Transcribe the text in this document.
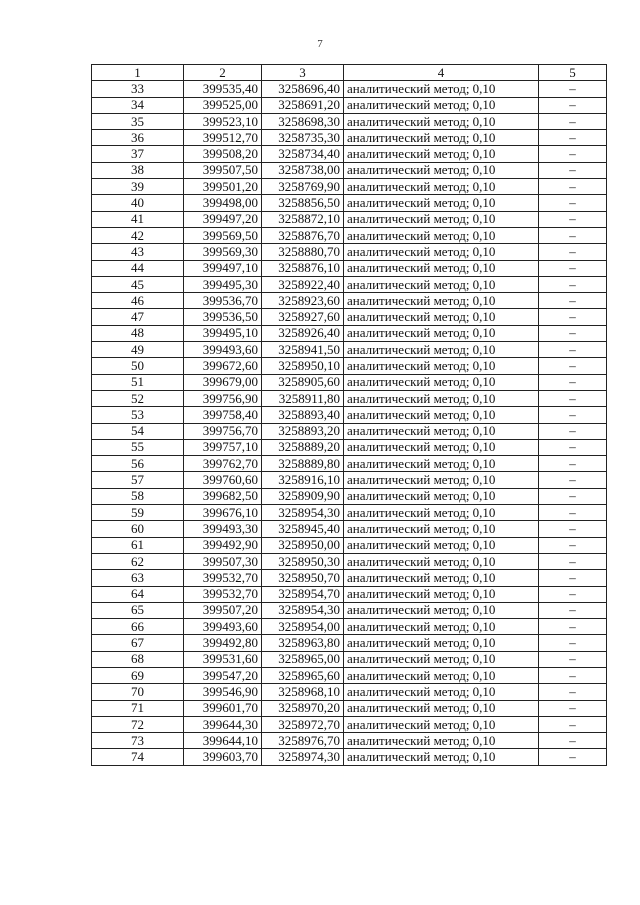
7
1	2	3	4	5
33	399535,40	3258696,40	аналитический метод; 0,10	–
34	399525,00	3258691,20	аналитический метод; 0,10	–
35	399523,10	3258698,30	аналитический метод; 0,10	–
36	399512,70	3258735,30	аналитический метод; 0,10	–
37	399508,20	3258734,40	аналитический метод; 0,10	–
38	399507,50	3258738,00	аналитический метод; 0,10	–
39	399501,20	3258769,90	аналитический метод; 0,10	–
40	399498,00	3258856,50	аналитический метод; 0,10	–
41	399497,20	3258872,10	аналитический метод; 0,10	–
42	399569,50	3258876,70	аналитический метод; 0,10	–
43	399569,30	3258880,70	аналитический метод; 0,10	–
44	399497,10	3258876,10	аналитический метод; 0,10	–
45	399495,30	3258922,40	аналитический метод; 0,10	–
46	399536,70	3258923,60	аналитический метод; 0,10	–
47	399536,50	3258927,60	аналитический метод; 0,10	–
48	399495,10	3258926,40	аналитический метод; 0,10	–
49	399493,60	3258941,50	аналитический метод; 0,10	–
50	399672,60	3258950,10	аналитический метод; 0,10	–
51	399679,00	3258905,60	аналитический метод; 0,10	–
52	399756,90	3258911,80	аналитический метод; 0,10	–
53	399758,40	3258893,40	аналитический метод; 0,10	–
54	399756,70	3258893,20	аналитический метод; 0,10	–
55	399757,10	3258889,20	аналитический метод; 0,10	–
56	399762,70	3258889,80	аналитический метод; 0,10	–
57	399760,60	3258916,10	аналитический метод; 0,10	–
58	399682,50	3258909,90	аналитический метод; 0,10	–
59	399676,10	3258954,30	аналитический метод; 0,10	–
60	399493,30	3258945,40	аналитический метод; 0,10	–
61	399492,90	3258950,00	аналитический метод; 0,10	–
62	399507,30	3258950,30	аналитический метод; 0,10	–
63	399532,70	3258950,70	аналитический метод; 0,10	–
64	399532,70	3258954,70	аналитический метод; 0,10	–
65	399507,20	3258954,30	аналитический метод; 0,10	–
66	399493,60	3258954,00	аналитический метод; 0,10	–
67	399492,80	3258963,80	аналитический метод; 0,10	–
68	399531,60	3258965,00	аналитический метод; 0,10	–
69	399547,20	3258965,60	аналитический метод; 0,10	–
70	399546,90	3258968,10	аналитический метод; 0,10	–
71	399601,70	3258970,20	аналитический метод; 0,10	–
72	399644,30	3258972,70	аналитический метод; 0,10	–
73	399644,10	3258976,70	аналитический метод; 0,10	–
74	399603,70	3258974,30	аналитический метод; 0,10	–
